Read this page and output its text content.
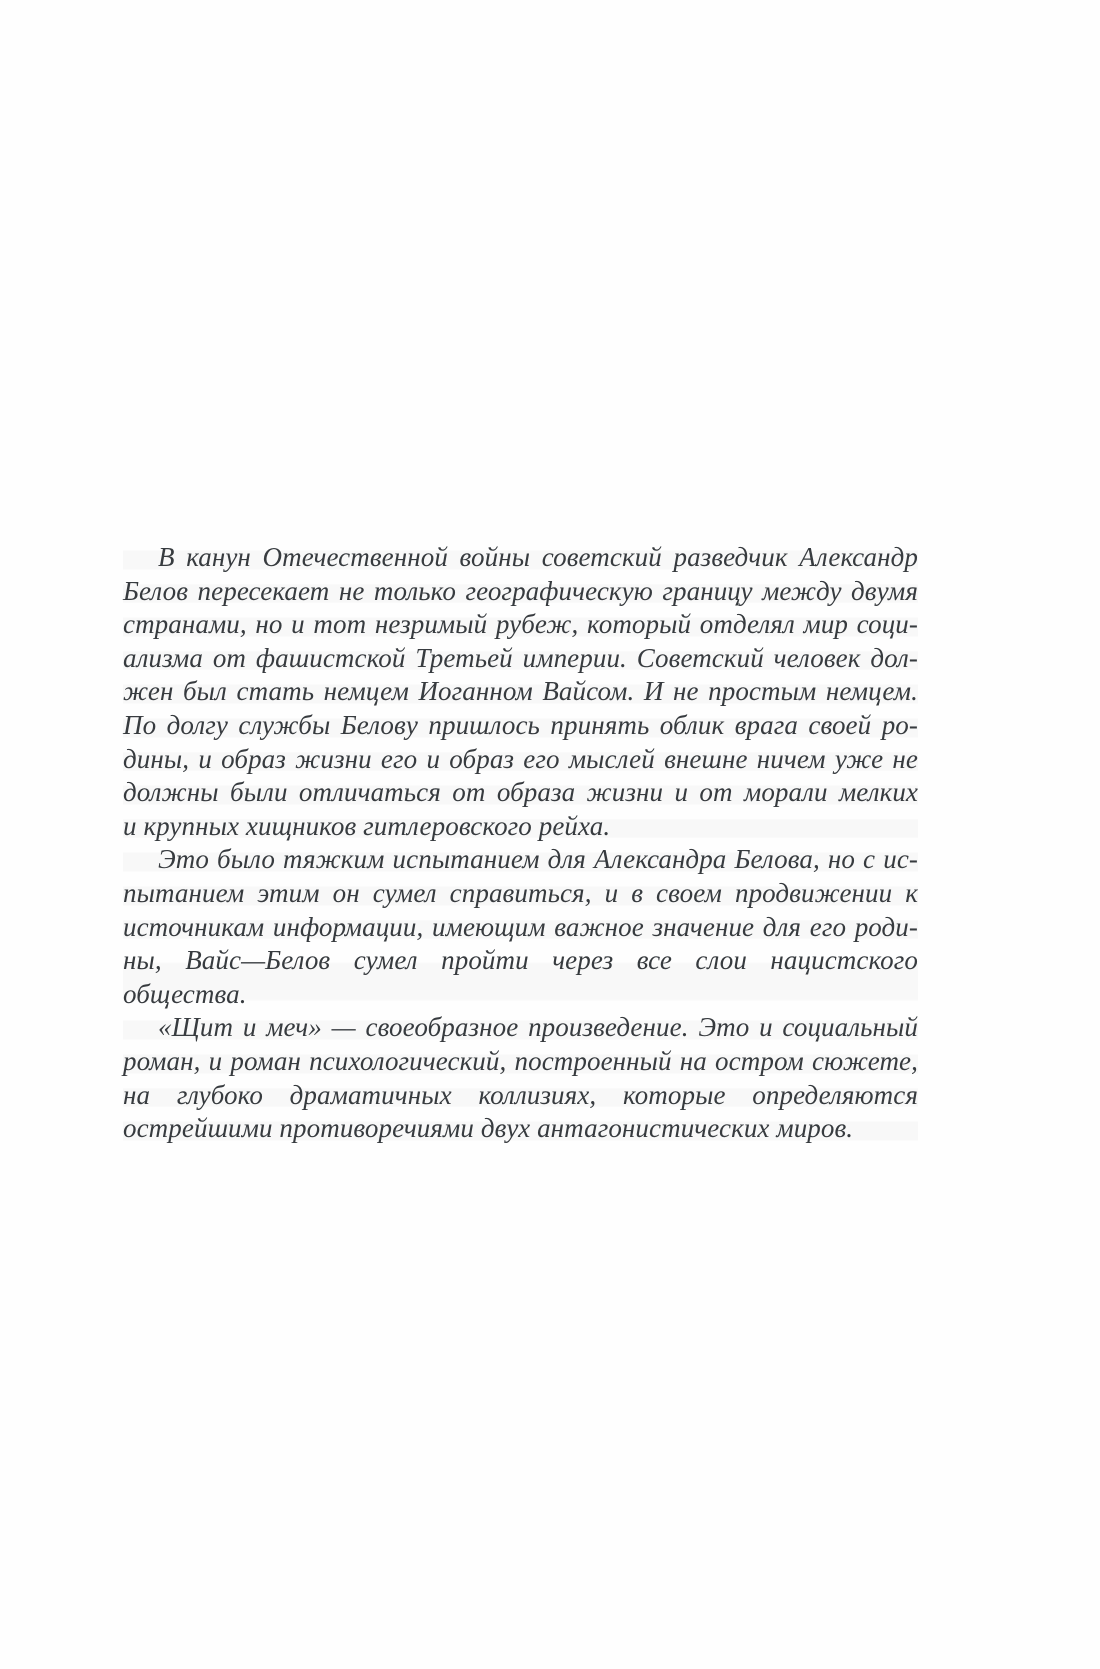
В канун Отечественной войны советский разведчик Александр
Белов пересекает не только географическую границу между двумя
странами, но и тот незримый рубеж, который отделял мир соци-
ализма от фашистской Третьей империи. Советский человек дол-
жен был стать немцем Иоганном Вайсом. И не простым немцем.
По долгу службы Белову пришлось принять облик врага своей ро-
дины, и образ жизни его и образ его мыслей внешне ничем уже не
должны были отличаться от образа жизни и от морали мелких
и крупных хищников гитлеровского рейха.
Это было тяжким испытанием для Александра Белова, но с ис-
пытанием этим он сумел справиться, и в своем продвижении к
источникам информации, имеющим важное значение для его роди-
ны, Вайс—Белов сумел пройти через все слои нацистского общества.
«Щит и меч» — своеобразное произведение. Это и социальный
роман, и роман психологический, построенный на остром сюжете,
на глубоко драматичных коллизиях, которые определяются
острейшими противоречиями двух антагонистических миров.
